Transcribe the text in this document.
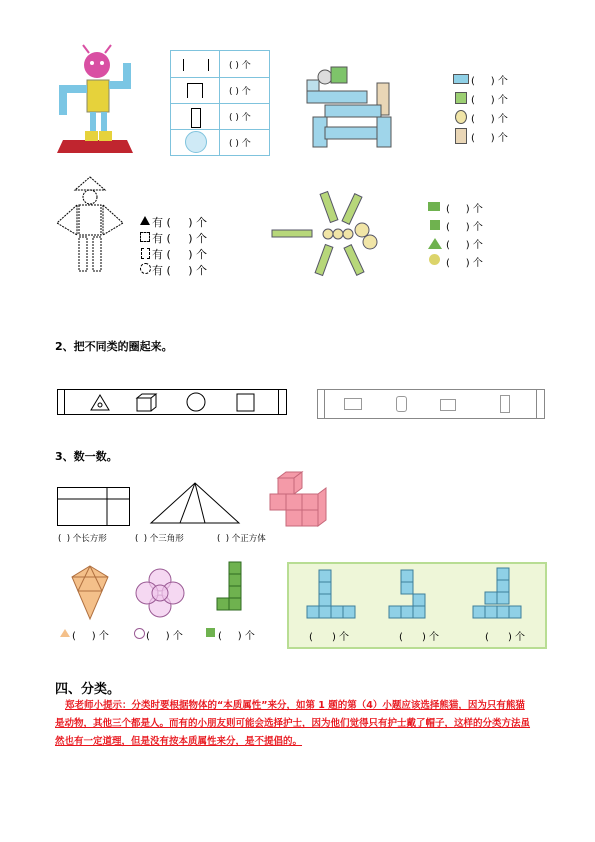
( ) 个
( ) 个
( ) 个
( ) 个
(     ) 个
(     ) 个
(     ) 个
(     ) 个
有 (     ) 个
有 (     ) 个
有 (     ) 个
有 (     ) 个
(     ) 个
(     ) 个
(     ) 个
(     ) 个
2、把不同类的圈起来。
3、数一数。
(  ) 个长方形	(  ) 个三角形	(  ) 个正方体
(     ) 个	(     ) 个	(     ) 个	(      ) 个	(      ) 个	(      ) 个
四、分类。
郑老师小提示：分类时要根据物体的“本质属性”来分，如第 1 题的第（4）小题应该选择熊猫，因为只有熊猫
是动物，其他三个都是人。而有的小朋友则可能会选择护士，因为他们觉得只有护士戴了帽子，这样的分类方法虽
然也有一定道理，但是没有按本质属性来分，是不提倡的。
